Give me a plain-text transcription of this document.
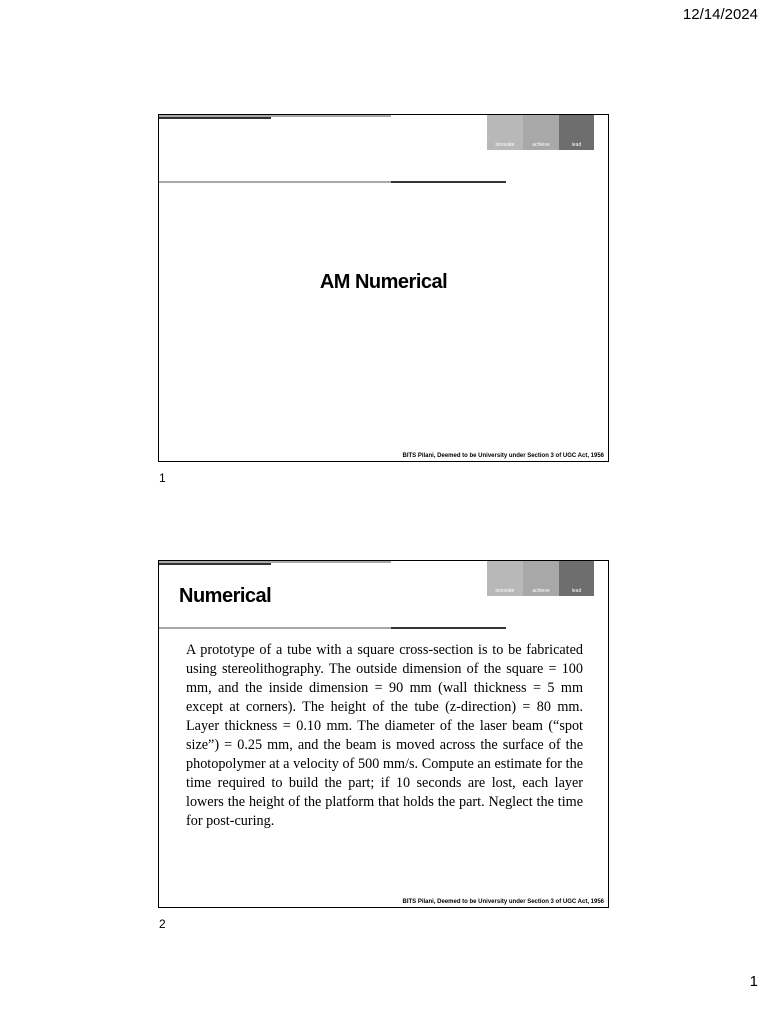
12/14/2024
innovate	achieve	lead
AM Numerical
BITS Pilani, Deemed to be University under Section 3 of UGC Act, 1956
1
innovate	achieve	lead
Numerical
A prototype of a tube with a square cross-section is to be fabricated using stereolithography. The outside dimension of the square = 100 mm, and the inside dimension = 90 mm (wall thickness = 5 mm except at corners). The height of the tube (z-direction) = 80 mm. Layer thickness = 0.10 mm. The diameter of the laser beam (“spot size”) = 0.25 mm, and the beam is moved across the surface of the photopolymer at a velocity of 500 mm/s. Compute an estimate for the time required to build the part; if 10 seconds are lost, each layer lowers the height of the platform that holds the part. Neglect the time for post-curing.
BITS Pilani, Deemed to be University under Section 3 of UGC Act, 1956
2
1
